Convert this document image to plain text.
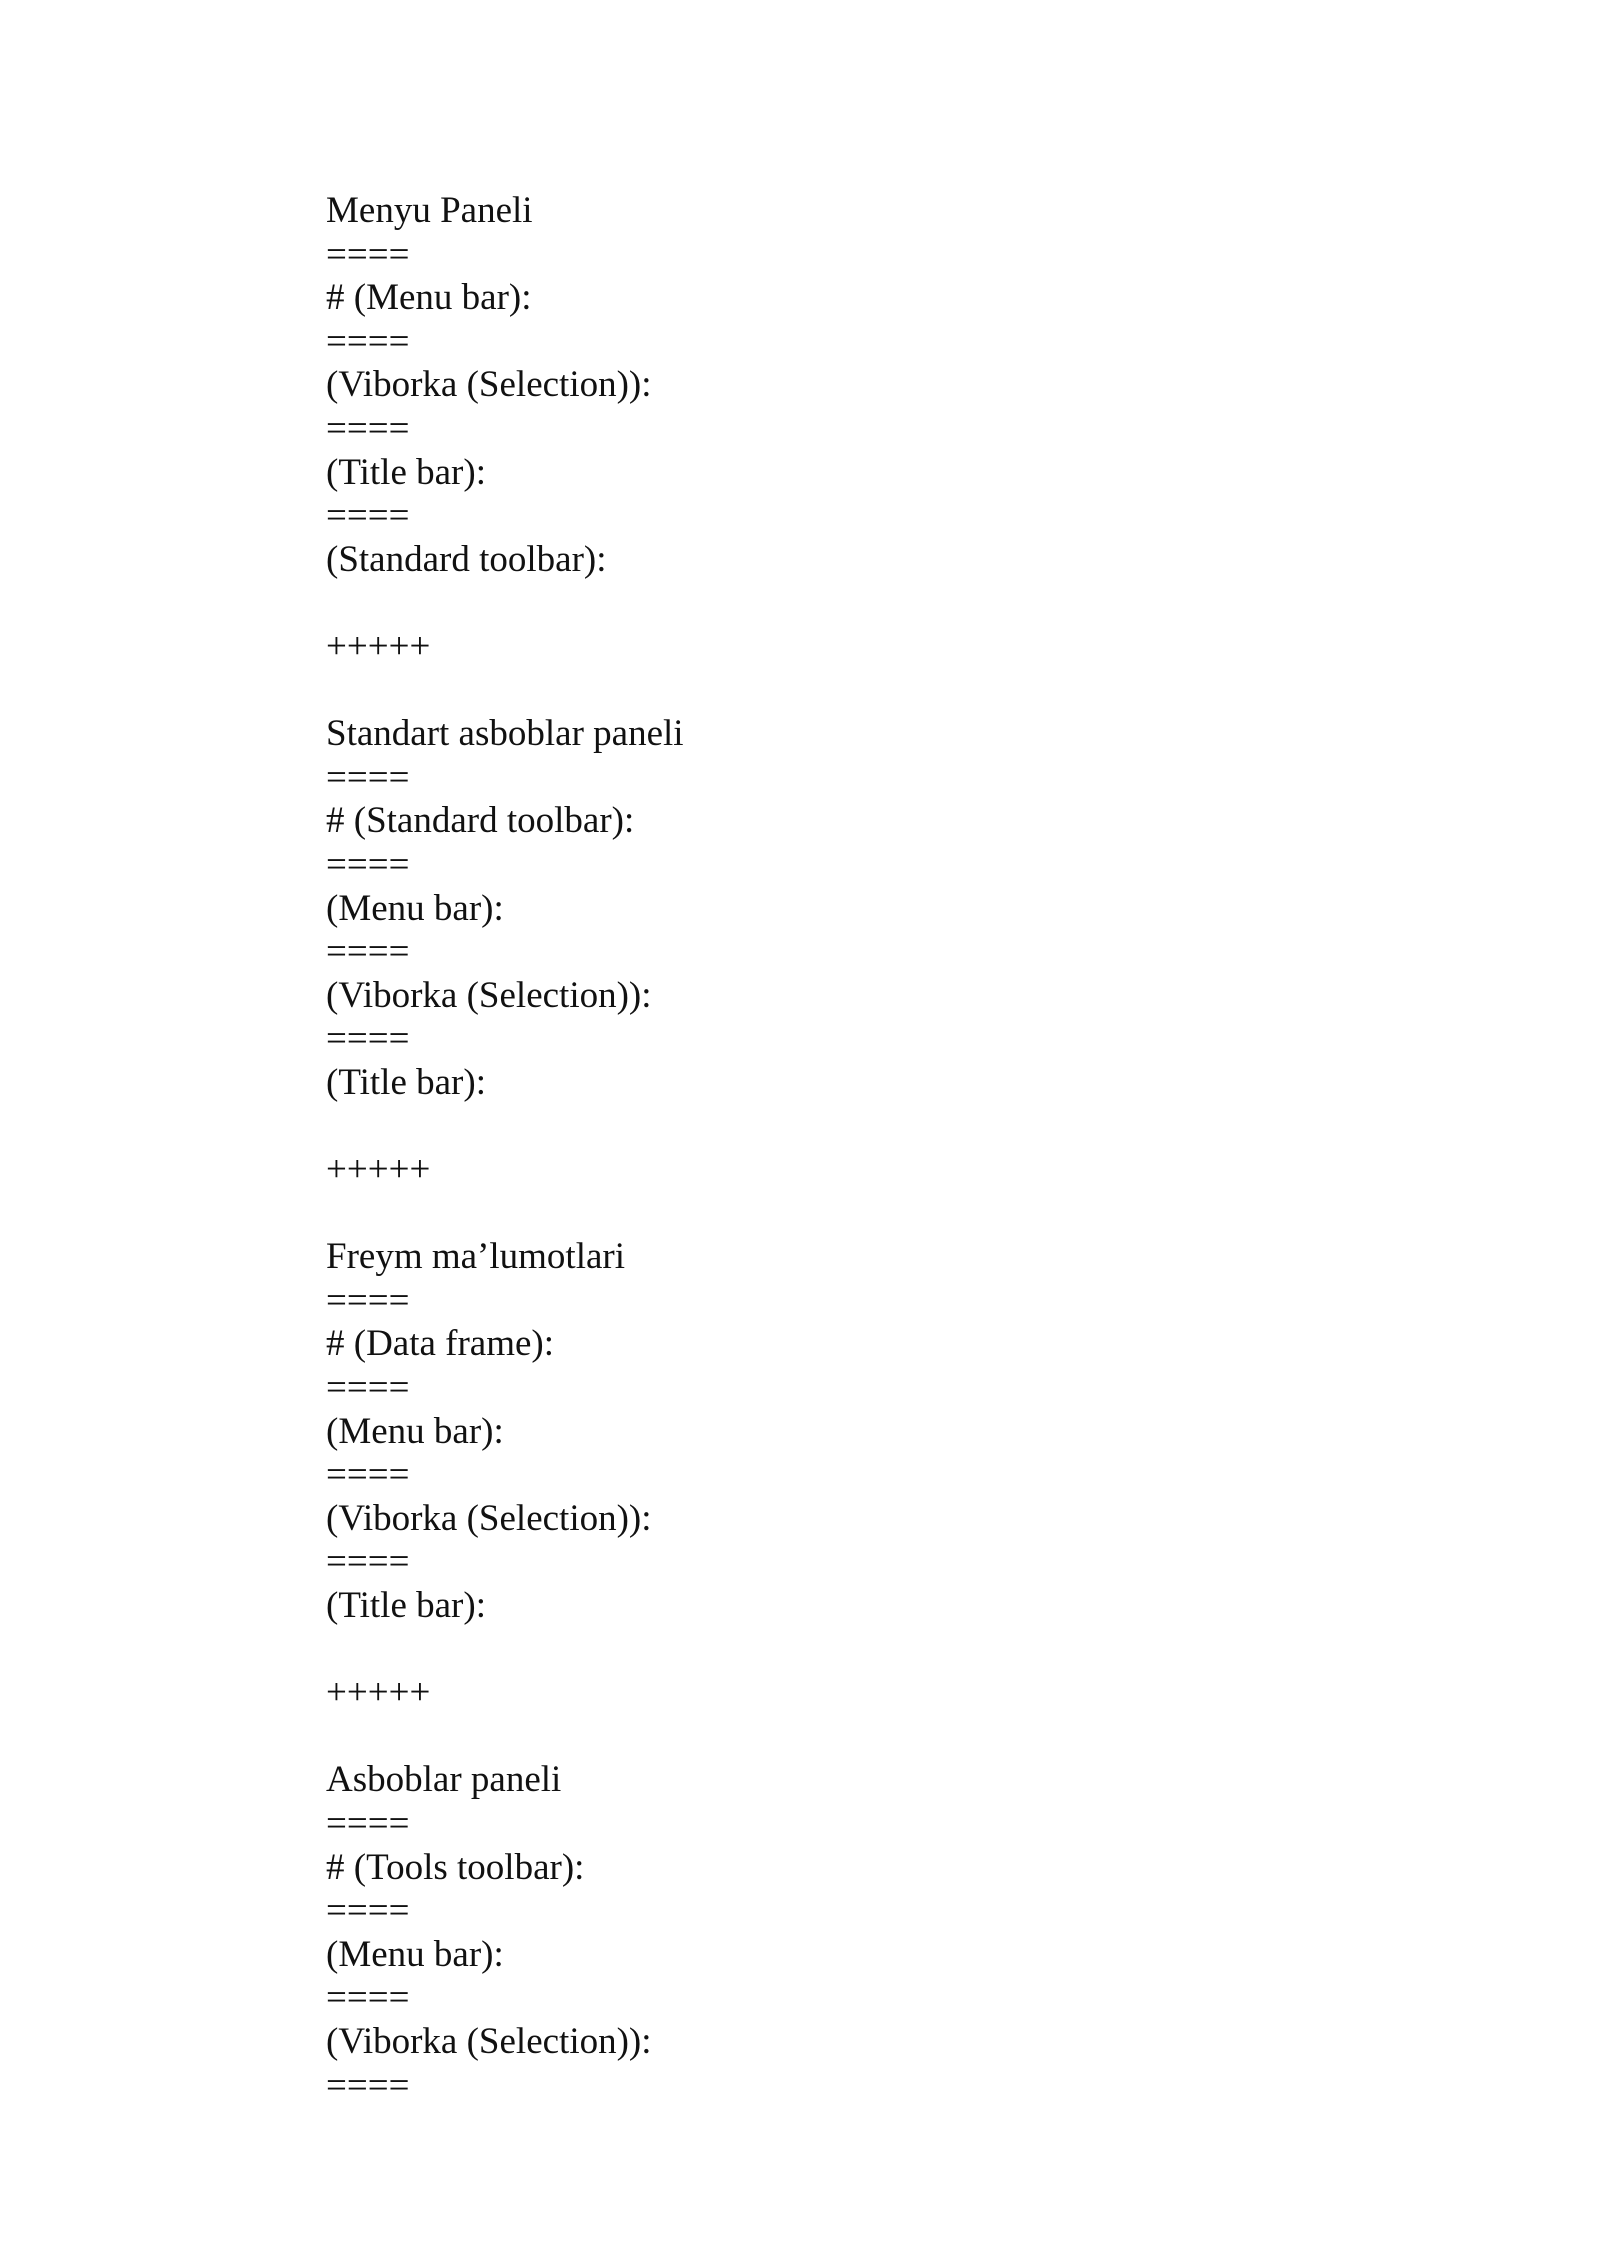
Menyu Paneli
====
# (Menu bar):
====
(Viborka (Selection)):
====
(Title bar):
====
(Standard toolbar):
+++++
Standart asboblar paneli
====
# (Standard toolbar):
====
(Menu bar):
====
(Viborka (Selection)):
====
(Title bar):
+++++
Freym ma’lumotlari
====
# (Data frame):
====
(Menu bar):
====
(Viborka (Selection)):
====
(Title bar):
+++++
Asboblar paneli
====
# (Tools toolbar):
====
(Menu bar):
====
(Viborka (Selection)):
====
